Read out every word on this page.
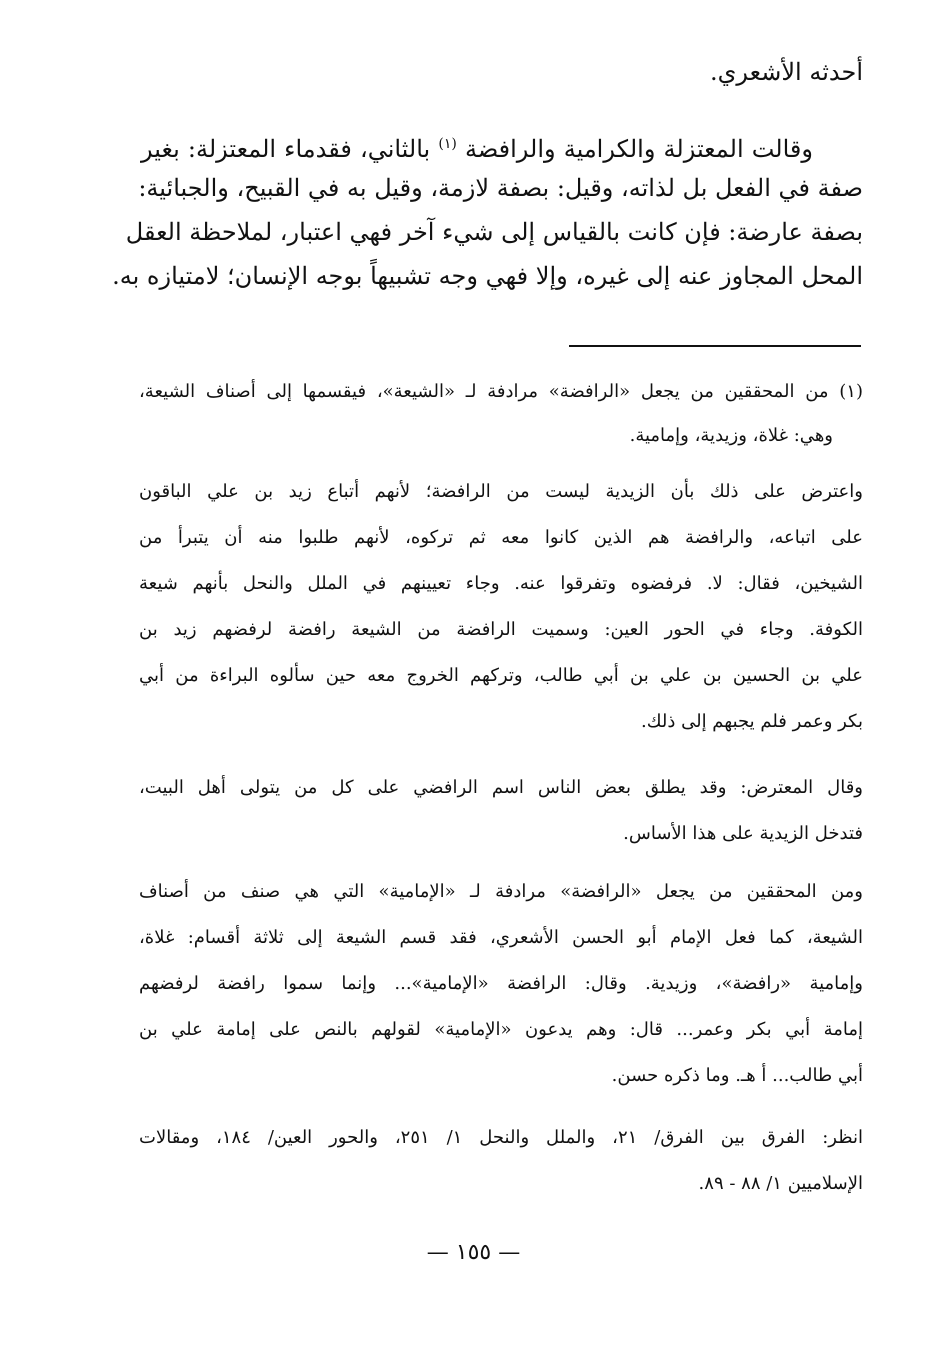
أحدثه الأشعري.
وقالت المعتزلة والكرامية والرافضة $^{(١)}$ بالثاني، فقدماء المعتزلة: بغير
صفة في الفعل بل لذاته، وقيل: بصفة لازمة، وقيل به في القبيح، والجبائية:
بصفة عارضة: فإن كانت بالقياس إلى شيء آخر فهي اعتبار، لملاحظة العقل
المحل المجاوز عنه إلى غيره، وإلا فهي وجه تشبيهاً بوجه الإنسان؛ لامتيازه به.
(١) من المحققين من يجعل «الرافضة» مرادفة لـ «الشيعة»، فيقسمها إلى أصناف الشيعة،
وهي: غلاة، وزيدية، وإمامية.
واعترض على ذلك بأن الزيدية ليست من الرافضة؛ لأنهم أتباع زيد بن علي الباقون
على اتباعه، والرافضة هم الذين كانوا معه ثم تركوه، لأنهم طلبوا منه أن يتبرأ من
الشيخين، فقال: لا. فرفضوه وتفرقوا عنه. وجاء تعيينهم في الملل والنحل بأنهم شيعة
الكوفة. وجاء في الحور العين: وسميت الرافضة من الشيعة رافضة لرفضهم زيد بن
علي بن الحسين بن علي بن أبي طالب، وتركهم الخروج معه حين سألوه البراءة من أبي
بكر وعمر فلم يجبهم إلى ذلك.
وقال المعترض: وقد يطلق بعض الناس اسم الرافضي على كل من يتولى أهل البيت،
فتدخل الزيدية على هذا الأساس.
ومن المحققين من يجعل «الرافضة» مرادفة لـ «الإمامية» التي هي صنف من أصناف
الشيعة، كما فعل الإمام أبو الحسن الأشعري، فقد قسم الشيعة إلى ثلاثة أقسام: غلاة،
وإمامية «رافضة»، وزيدية. وقال: الرافضة «الإمامية»... وإنما سموا رافضة لرفضهم
إمامة أبي بكر وعمر... قال: وهم يدعون «الإمامية» لقولهم بالنص على إمامة علي بن
أبي طالب... أ هـ. وما ذكره حسن.
انظر: الفرق بين الفرق/ ٢١، والملل والنحل ١/ ٢٥١، والحور العين/ ١٨٤، ومقالات
الإسلاميين ١/ ٨٨ - ٨٩.
— ١٥٥ —
